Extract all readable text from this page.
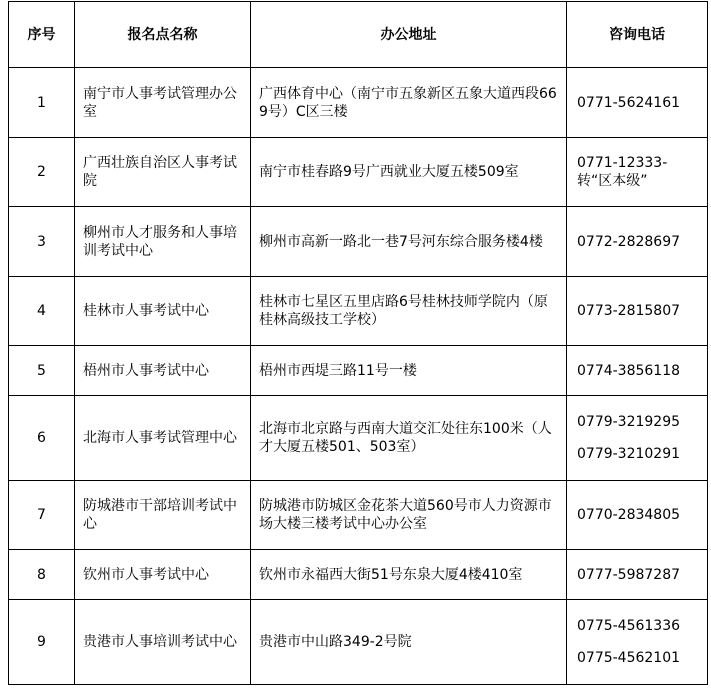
序号	报名点名称	办公地址	咨询电话
1	南宁市人事考试管理办公室	广西体育中心（南宁市五象新区五象大道西段669号）C区三楼	0771-5624161

2	广西壮族自治区人事考试院	南宁市桂春路9号广西就业大厦五楼509室	0771-12333-转“区本级”

3	柳州市人才服务和人事培训考试中心	柳州市高新一路北一巷7号河东综合服务楼4楼	0772-2828697

4	桂林市人事考试中心	桂林市七星区五里店路6号桂林技师学院内（原桂林高级技工学校）	0773-2815807

5	梧州市人事考试中心	梧州市西堤三路11号一楼	0774-3856118

6	北海市人事考试管理中心	北海市北京路与西南大道交汇处往东100米（人才大厦五楼501、503室）	0779-3219295
0779-3210291

7	防城港市干部培训考试中心	防城港市防城区金花茶大道560号市人力资源市场大楼三楼考试中心办公室	0770-2834805

8	钦州市人事考试中心	钦州市永福西大街51号东泉大厦4楼410室	0777-5987287

9	贵港市人事培训考试中心	贵港市中山路349-2号院	0775-4561336
0775-4562101
